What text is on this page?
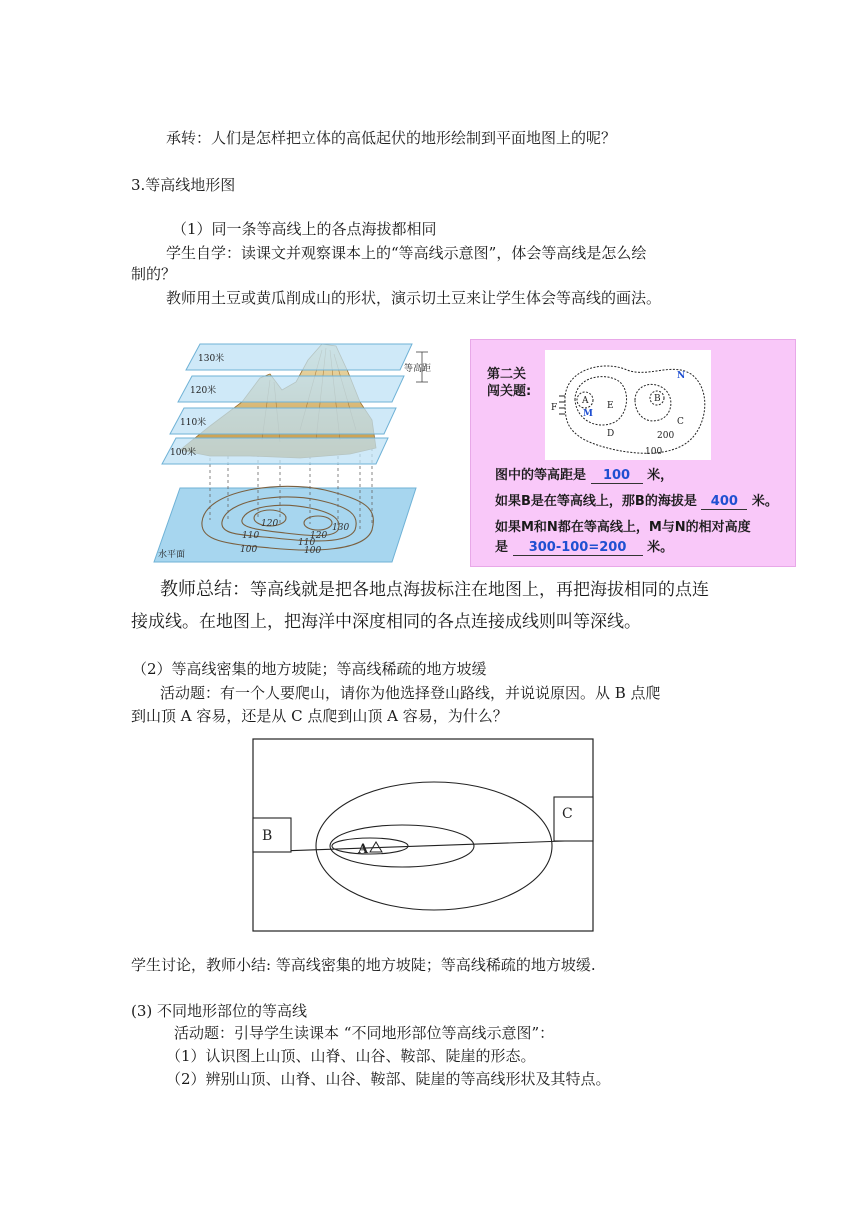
承转：人们是怎样把立体的高低起伏的地形绘制到平面地图上的呢？
3.等高线地形图
（1）同一条等高线上的各点海拔都相同
学生自学：读课文并观察课本上的“等高线示意图”，体会等高线是怎么绘
制的？
教师用土豆或黄瓜削成山的形状，演示切土豆来让学生体会等高线的画法。
120
120
130
110
110
100	100
水平面
130米
120米
110米
100米
等高距	第二关
闯关题:
A	B
E
F
M
N
D
C
200
100
图中的等高距是 100 米，
如果B是在等高线上，那B的海拔是 400 米。
如果M和N都在等高线上，M与N的相对高度
是 300-100=200 米。
教师总结：等高线就是把各地点海拔标注在地图上，再把海拔相同的点连
接成线。在地图上，把海洋中深度相同的各点连接成线则叫等深线。
（2）等高线密集的地方坡陡；等高线稀疏的地方坡缓
活动题：有一个人要爬山，请你为他选择登山路线，并说说原因。从 B 点爬
到山顶 A 容易，还是从 C 点爬到山顶 A 容易，为什么？
B
C
A
学生讨论，教师小结: 等高线密集的地方坡陡；等高线稀疏的地方坡缓.
(3) 不同地形部位的等高线
活动题：引导学生读课本 “不同地形部位等高线示意图”：
（1）认识图上山顶、山脊、山谷、鞍部、陡崖的形态。
（2）辨别山顶、山脊、山谷、鞍部、陡崖的等高线形状及其特点。
